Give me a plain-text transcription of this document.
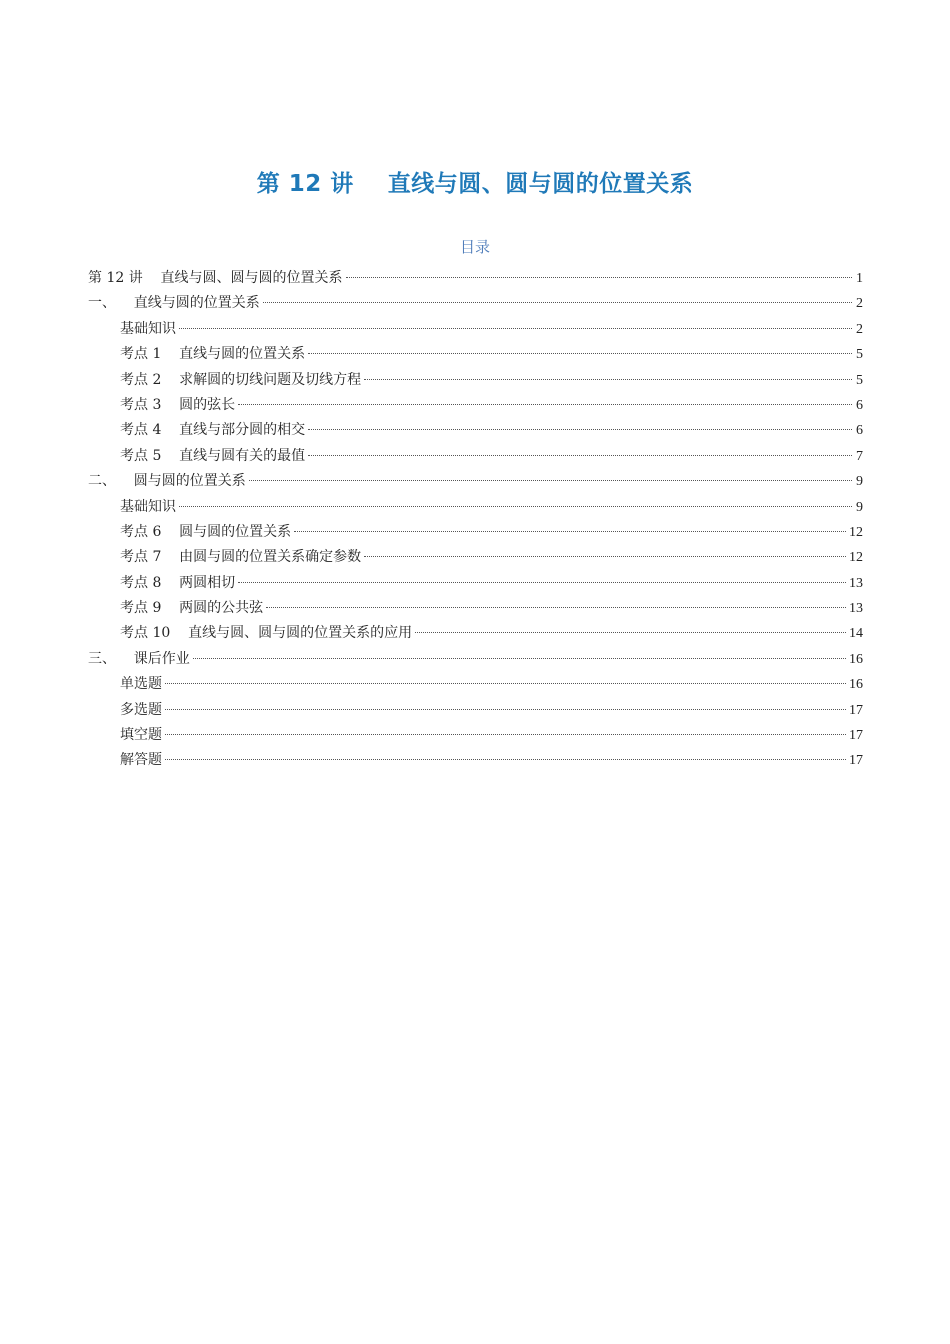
第 12 讲    直线与圆、圆与圆的位置关系
目录
第 12 讲    直线与圆、圆与圆的位置关系	1
一、    直线与圆的位置关系	2
基础知识	2
考点 1    直线与圆的位置关系	5
考点 2    求解圆的切线问题及切线方程	5
考点 3    圆的弦长	6
考点 4    直线与部分圆的相交	6
考点 5    直线与圆有关的最值	7
二、    圆与圆的位置关系	9
基础知识	9
考点 6    圆与圆的位置关系	12
考点 7    由圆与圆的位置关系确定参数	12
考点 8    两圆相切	13
考点 9    两圆的公共弦	13
考点 10    直线与圆、圆与圆的位置关系的应用	14
三、    课后作业	16
单选题	16
多选题	17
填空题	17
解答题	17
